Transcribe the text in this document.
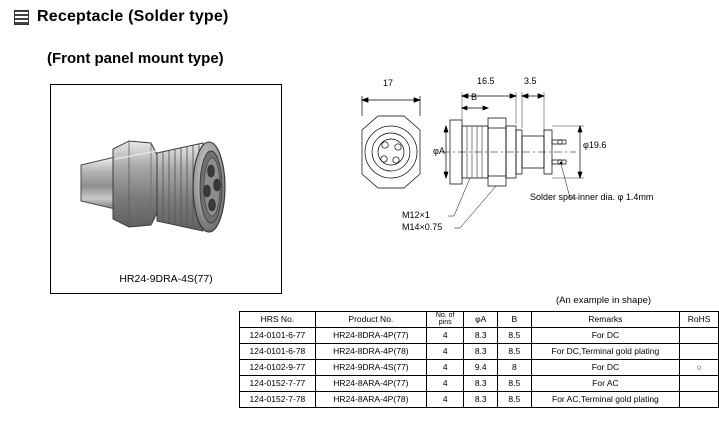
Receptacle (Solder type)
(Front panel mount type)
HR24-9DRA-4S(77)
17	16.5	3.5
B
φA
φ19.6
M12×1
M14×0.75
Solder spot inner dia. φ 1.4mm
(An example in shape)
HRS No.	Product No.	No. of
pins	φA	B	Remarks	RoHS
124-0101-6-77	HR24-8DRA-4P(77)	4	8.3	8.5	For DC	
124-0101-6-78	HR24-8DRA-4P(78)	4	8.3	8.5	For DC,Terminal gold plating	
124-0102-9-77	HR24-9DRA-4S(77)	4	9.4	8	For DC	○
124-0152-7-77	HR24-8ARA-4P(77)	4	8.3	8.5	For AC	
124-0152-7-78	HR24-8ARA-4P(78)	4	8.3	8.5	For AC,Terminal gold plating	
